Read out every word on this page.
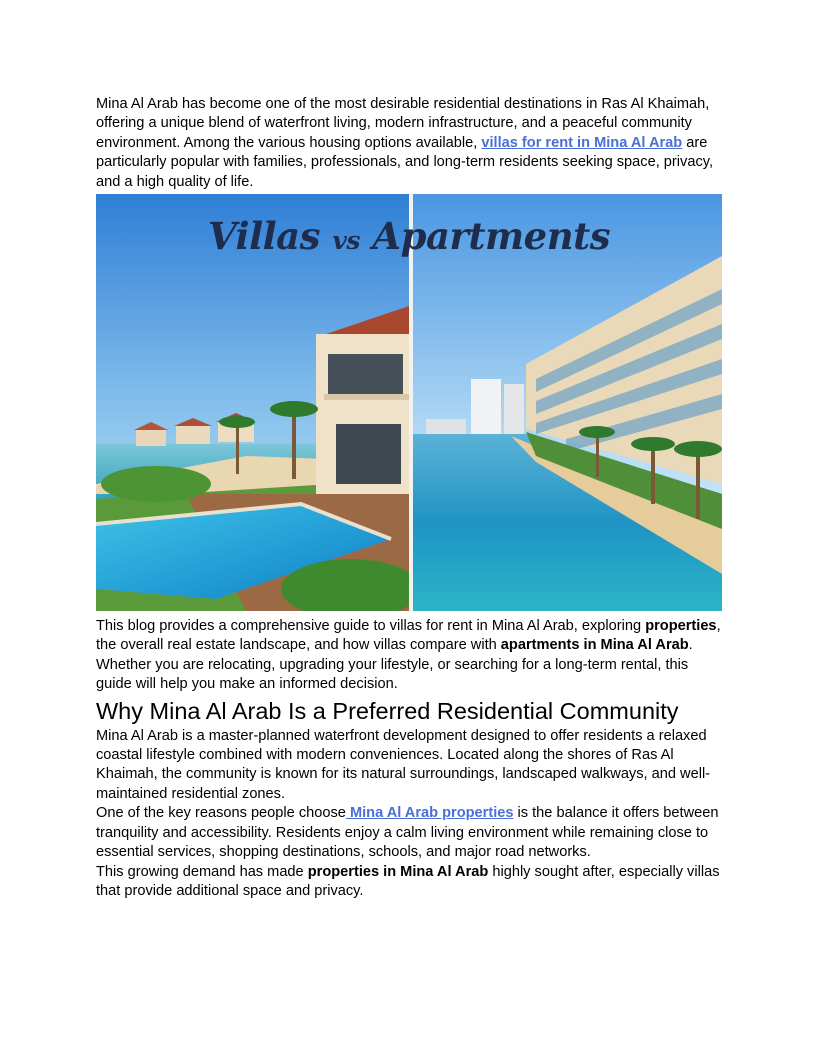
Mina Al Arab has become one of the most desirable residential destinations in Ras Al Khaimah, offering a unique blend of waterfront living, modern infrastructure, and a peaceful community environment. Among the various housing options available, villas for rent in Mina Al Arab are particularly popular with families, professionals, and long-term residents seeking space, privacy, and a high quality of life.

Villas vs Apartments

This blog provides a comprehensive guide to villas for rent in Mina Al Arab, exploring properties, the overall real estate landscape, and how villas compare with apartments in Mina Al Arab. Whether you are relocating, upgrading your lifestyle, or searching for a long-term rental, this guide will help you make an informed decision.

Why Mina Al Arab Is a Preferred Residential Community

Mina Al Arab is a master-planned waterfront development designed to offer residents a relaxed coastal lifestyle combined with modern conveniences. Located along the shores of Ras Al Khaimah, the community is known for its natural surroundings, landscaped walkways, and well-maintained residential zones.

One of the key reasons people choose Mina Al Arab properties is the balance it offers between tranquility and accessibility. Residents enjoy a calm living environment while remaining close to essential services, shopping destinations, schools, and major road networks.

This growing demand has made properties in Mina Al Arab highly sought after, especially villas that provide additional space and privacy.
